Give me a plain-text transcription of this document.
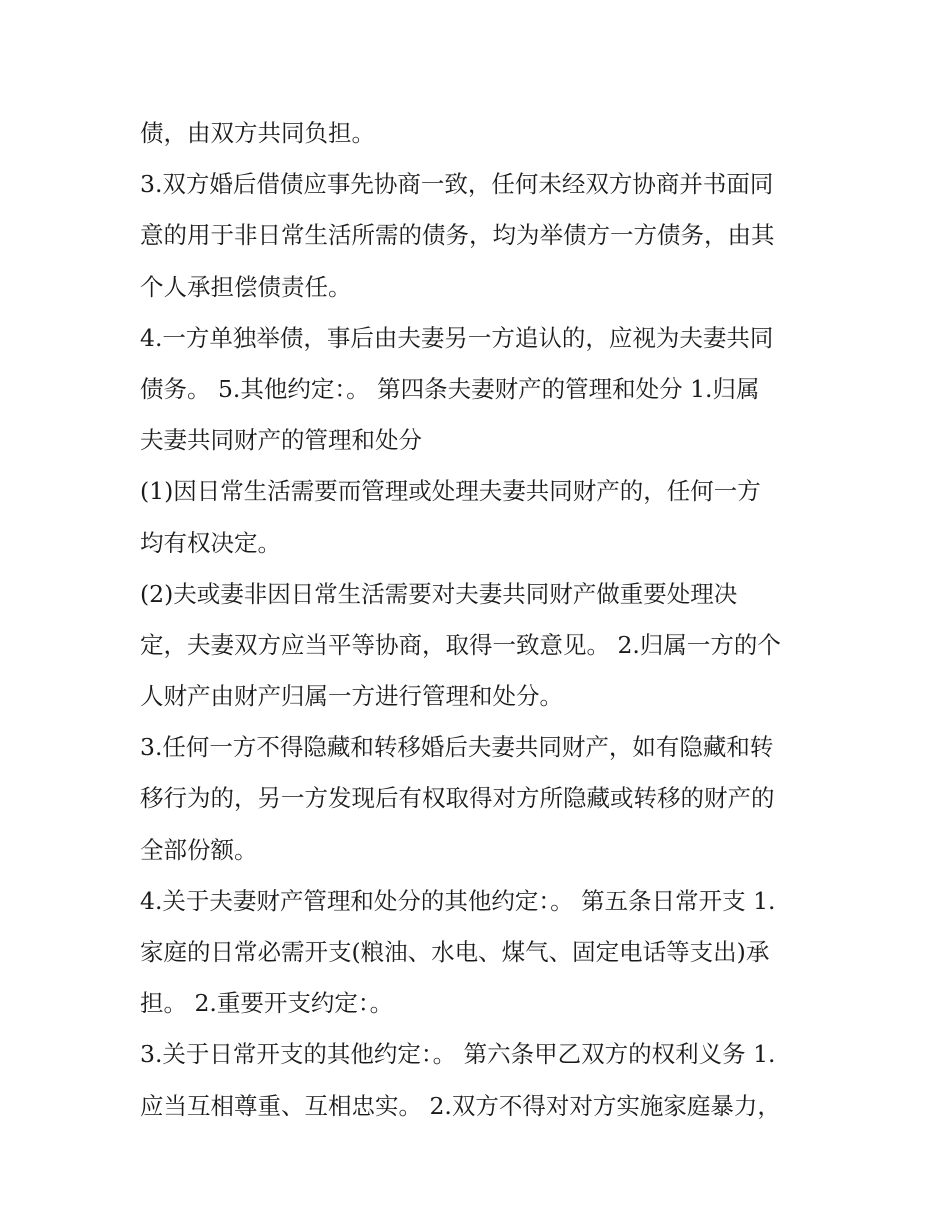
债，由双方共同负担。
3.双方婚后借债应事先协商一致，任何未经双方协商并书面同
意的用于非日常生活所需的债务，均为举债方一方债务，由其
个人承担偿债责任。
4.一方单独举债，事后由夫妻另一方追认的，应视为夫妻共同
债务。 5.其他约定：。 第四条夫妻财产的管理和处分 1.归属
夫妻共同财产的管理和处分
(1)因日常生活需要而管理或处理夫妻共同财产的，任何一方
均有权决定。
(2)夫或妻非因日常生活需要对夫妻共同财产做重要处理决
定，夫妻双方应当平等协商，取得一致意见。 2.归属一方的个
人财产由财产归属一方进行管理和处分。
3.任何一方不得隐藏和转移婚后夫妻共同财产，如有隐藏和转
移行为的，另一方发现后有权取得对方所隐藏或转移的财产的
全部份额。
4.关于夫妻财产管理和处分的其他约定：。 第五条日常开支 1.
家庭的日常必需开支(粮油、水电、煤气、固定电话等支出)承
担。 2.重要开支约定：。
3.关于日常开支的其他约定：。 第六条甲乙双方的权利义务 1.
应当互相尊重、互相忠实。 2.双方不得对对方实施家庭暴力，
